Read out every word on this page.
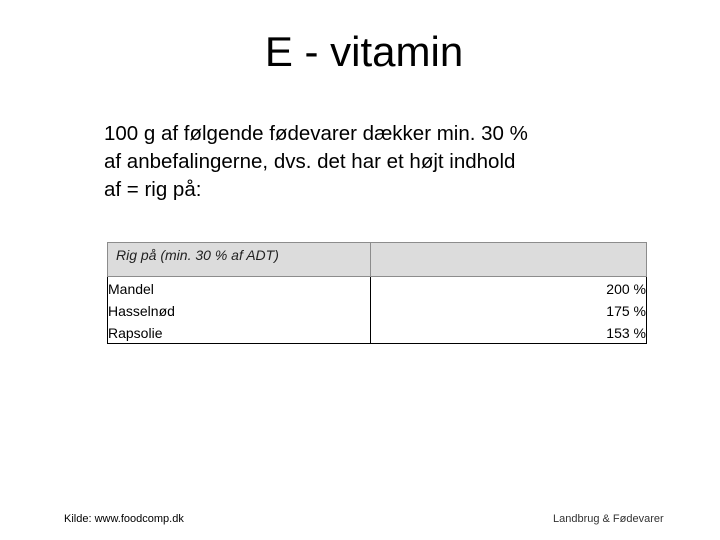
E - vitamin
100 g af følgende fødevarer dækker min. 30 %
af anbefalingerne, dvs. det har et højt indhold
af = rig på:
Rig på (min. 30 % af ADT)	
Mandel	200 %
Hasselnød	175 %
Rapsolie	153 %
Kilde: www.foodcomp.dk	Landbrug & Fødevarer
